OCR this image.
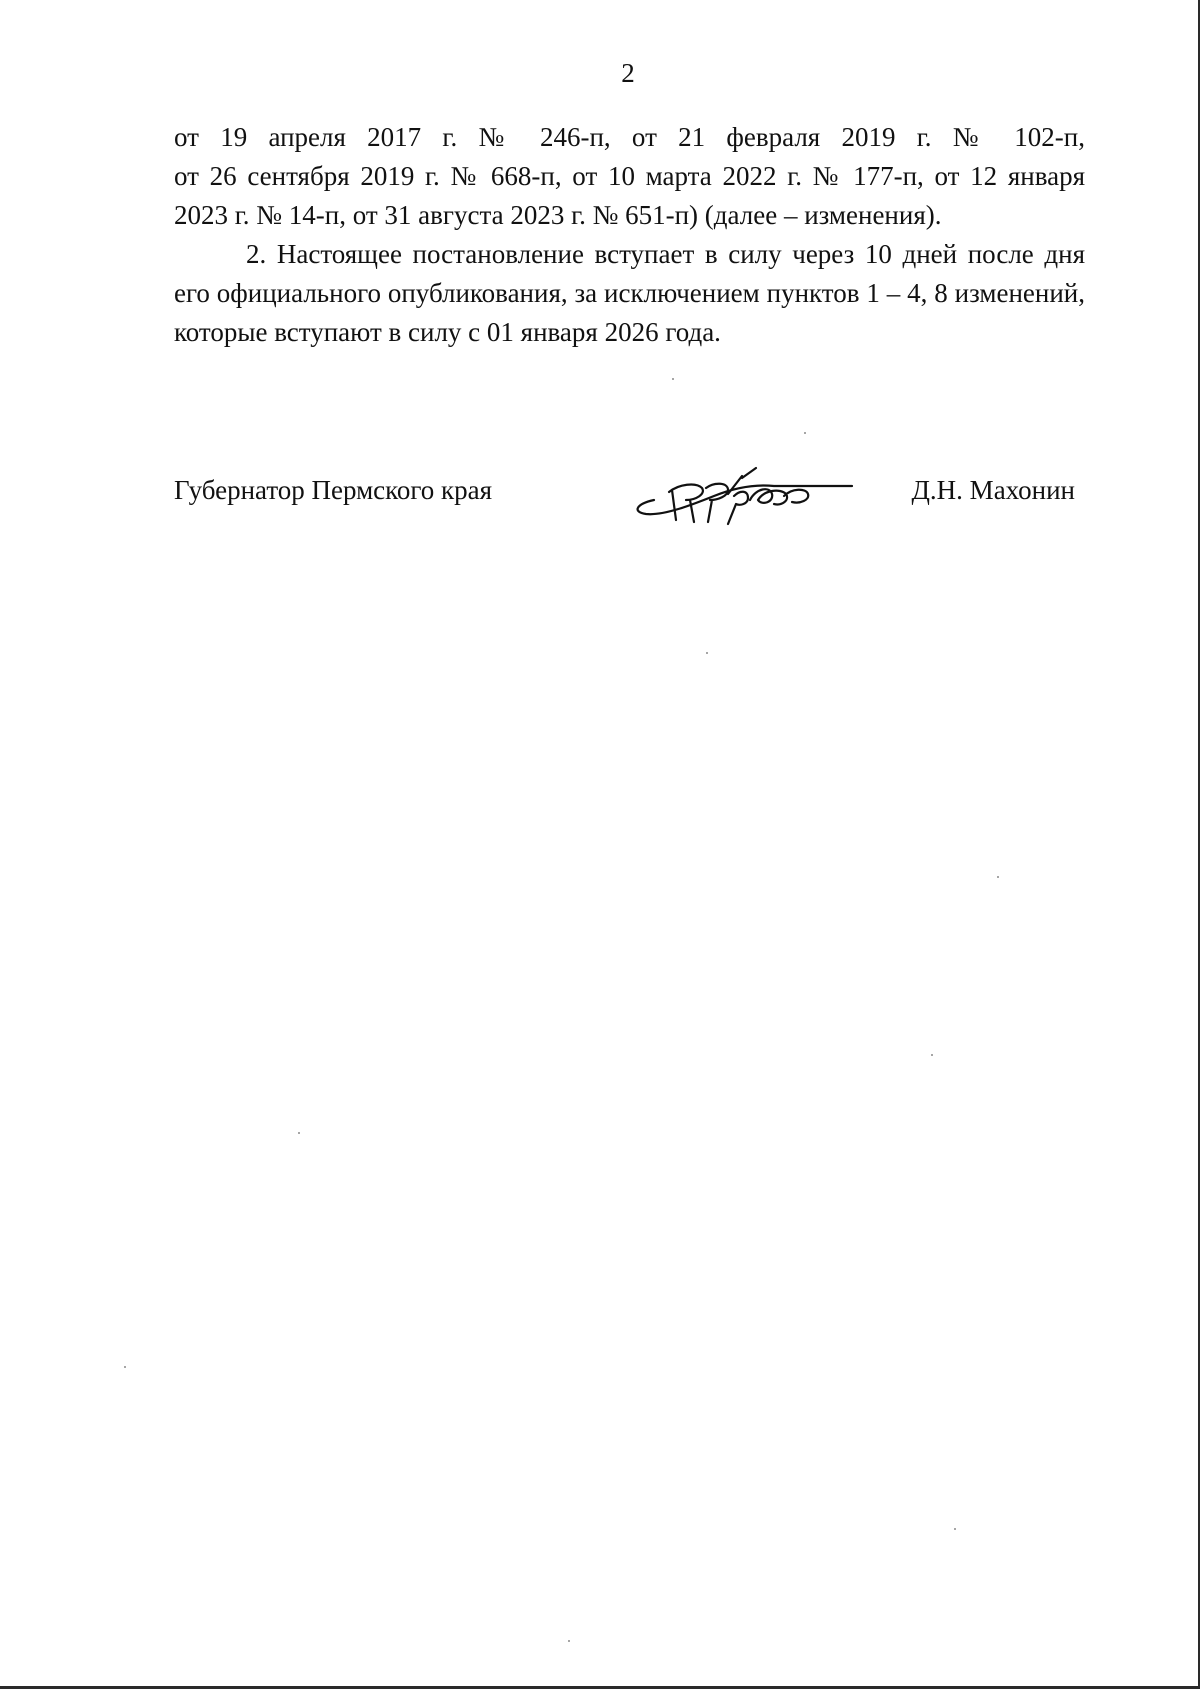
2

от 19 апреля 2017 г. № 246-п, от 21 февраля 2019 г. № 102-п,

от 26 сентября 2019 г. № 668-п, от 10 марта 2022 г. № 177-п, от 12 января

2023 г. № 14-п, от 31 августа 2023 г. № 651-п) (далее – изменения).

2. Настоящее постановление вступает в силу через 10 дней после дня его официального опубликования, за исключением пунктов 1 – 4, 8 изменений, которые вступают в силу с 01 января 2026 года.

Губернатор Пермского края	Д.Н. Махонин
